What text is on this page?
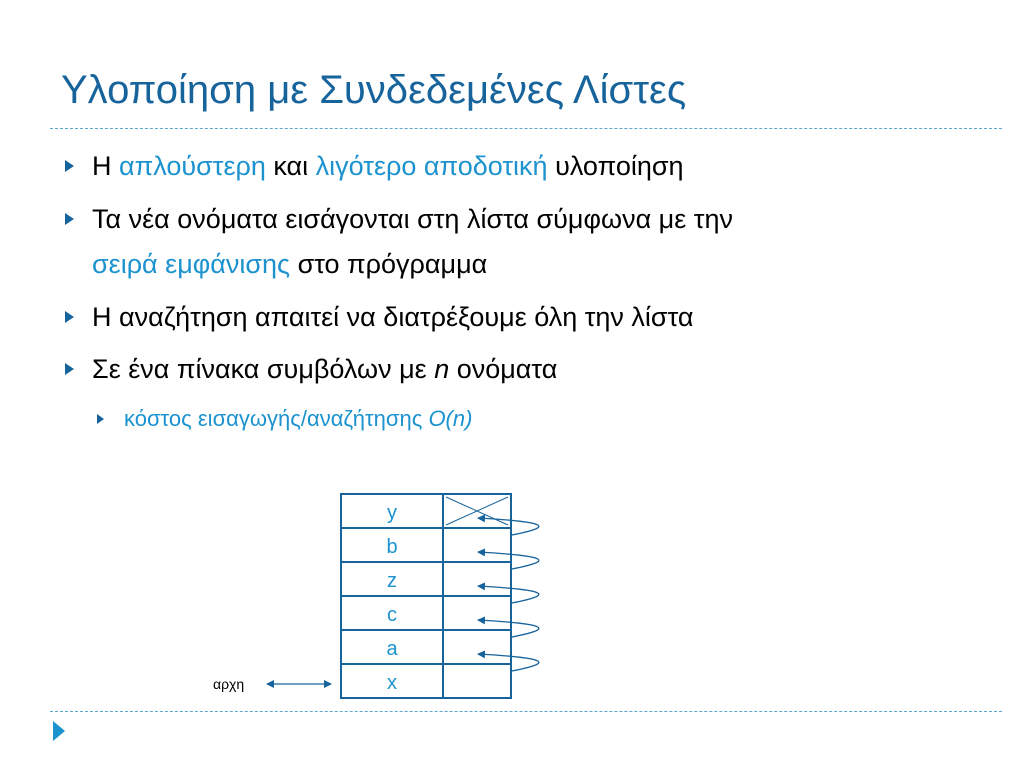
Υλοποίηση με Συνδεδεμένες Λίστες
Η απλούστερη και λιγότερο αποδοτική υλοποίηση
Τα νέα ονόματα εισάγονται στη λίστα σύμφωνα με την
σειρά εμφάνισης στο πρόγραμμα
Η αναζήτηση απαιτεί να διατρέξουμε όλη την λίστα
Σε ένα πίνακα συμβόλων με n ονόματα
κόστος εισαγωγής/αναζήτησης O(n)
y
b
z
c
a
x
αρχη
